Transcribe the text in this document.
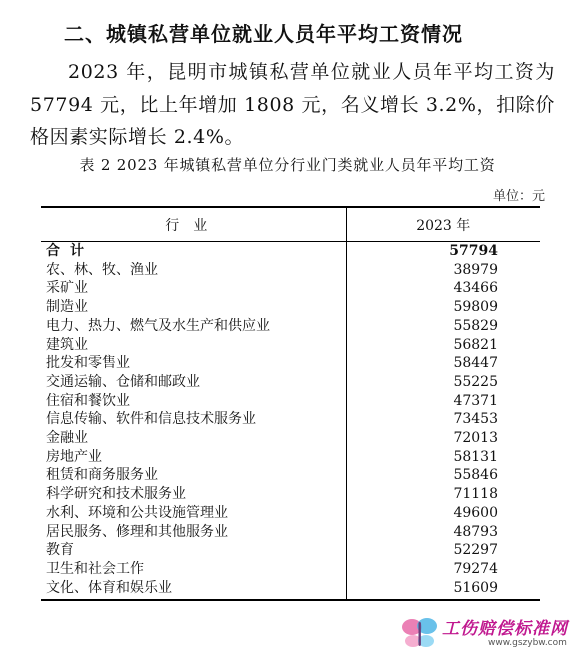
二、城镇私营单位就业人员年平均工资情况
2023 年，昆明市城镇私营单位就业人员年平均工资为 57794 元，比上年增加 1808 元，名义增长 3.2%，扣除价格因素实际增长 2.4%。
表 2 2023 年城镇私营单位分行业门类就业人员年平均工资
单位：元
行业	2023 年
合计	57794
农、林、牧、渔业	38979
采矿业	43466
制造业	59809
电力、热力、燃气及水生产和供应业	55829
建筑业	56821
批发和零售业	58447
交通运输、仓储和邮政业	55225
住宿和餐饮业	47371
信息传输、软件和信息技术服务业	73453
金融业	72013
房地产业	58131
租赁和商务服务业	55846
科学研究和技术服务业	71118
水利、环境和公共设施管理业	49600
居民服务、修理和其他服务业	48793
教育	52297
卫生和社会工作	79274
文化、体育和娱乐业	51609
工伤赔偿标准网
www.gszybw.com
